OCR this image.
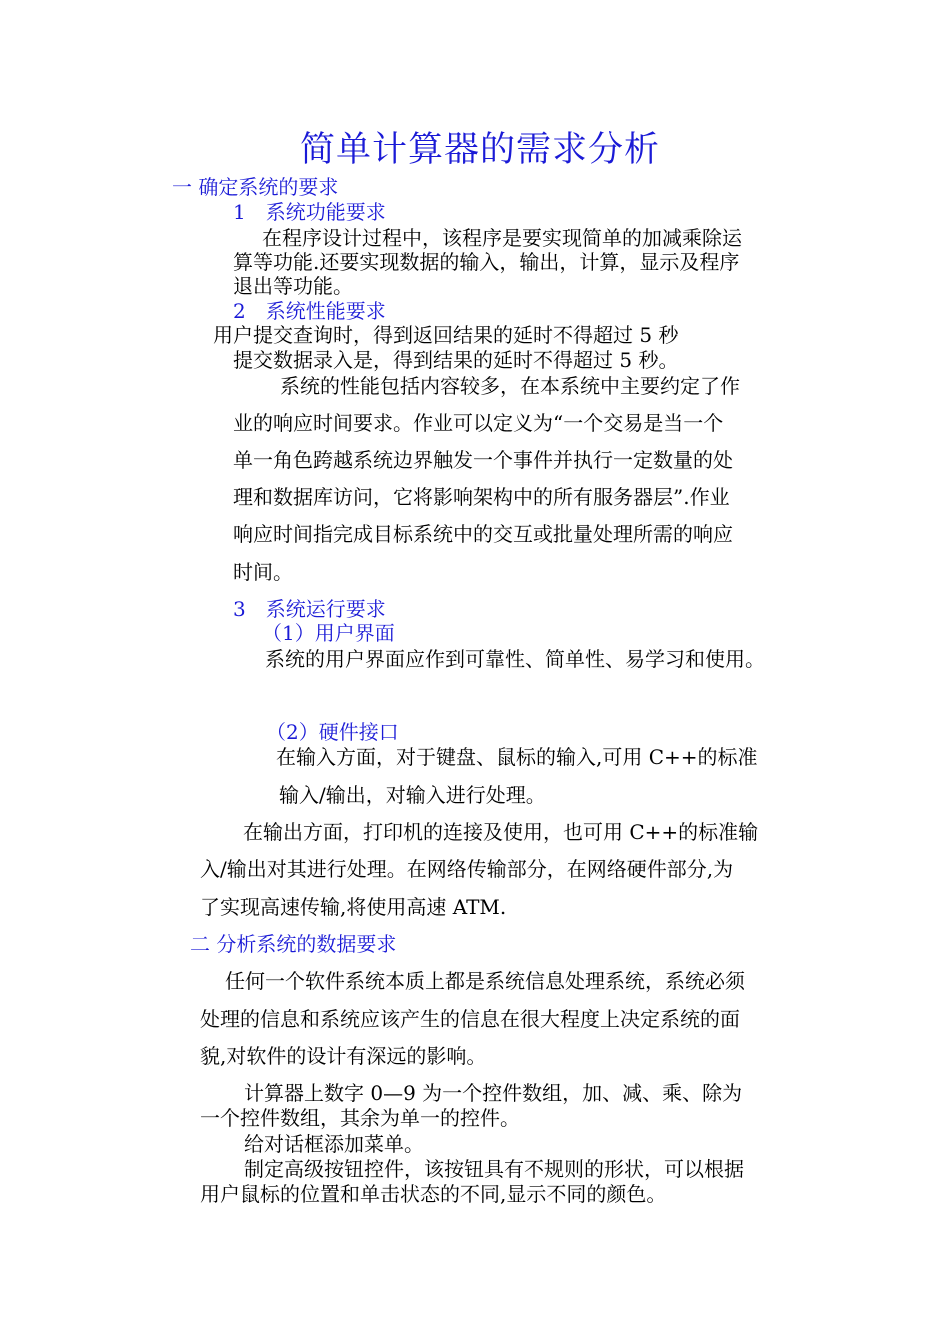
简单计算器的需求分析
一 确定系统的要求
1　系统功能要求
在程序设计过程中，该程序是要实现简单的加减乘除运
算等功能.还要实现数据的输入，输出，计算，显示及程序
退出等功能。
2　系统性能要求
用户提交查询时，得到返回结果的延时不得超过 5 秒
提交数据录入是，得到结果的延时不得超过 5 秒。
系统的性能包括内容较多，在本系统中主要约定了作
业的响应时间要求。作业可以定义为“一个交易是当一个
单一角色跨越系统边界触发一个事件并执行一定数量的处
理和数据库访问，它将影响架构中的所有服务器层”.作业
响应时间指完成目标系统中的交互或批量处理所需的响应
时间。
3　系统运行要求
（1）用户界面
系统的用户界面应作到可靠性、简单性、易学习和使用。
（2）硬件接口
在输入方面，对于键盘、鼠标的输入,可用 C++的标准
输入/输出，对输入进行处理。
在输出方面，打印机的连接及使用，也可用 C++的标准输
入/输出对其进行处理。在网络传输部分，在网络硬件部分,为
了实现高速传输,将使用高速 ATM.
二 分析系统的数据要求
任何一个软件系统本质上都是系统信息处理系统，系统必须
处理的信息和系统应该产生的信息在很大程度上决定系统的面
貌,对软件的设计有深远的影响。
计算器上数字 0—9 为一个控件数组，加、减、乘、除为
一个控件数组，其余为单一的控件。
给对话框添加菜单。
制定高级按钮控件，该按钮具有不规则的形状，可以根据
用户鼠标的位置和单击状态的不同,显示不同的颜色。
